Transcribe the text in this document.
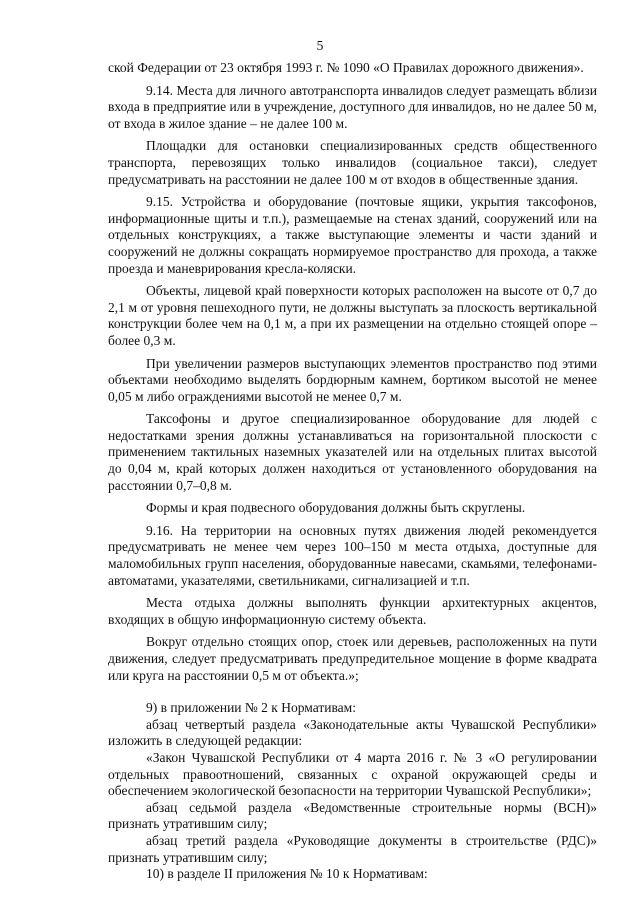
5

ской Федерации от 23 октября 1993 г. № 1090 «О Правилах дорожного движения».

9.14. Места для личного автотранспорта инвалидов следует размещать вблизи входа в предприятие или в учреждение, доступного для инвалидов, но не далее 50 м, от входа в жилое здание – не далее 100 м.

Площадки для остановки специализированных средств общественного транспорта, перевозящих только инвалидов (социальное такси), следует предусматривать на расстоянии не далее 100 м от входов в общественные здания.

9.15. Устройства и оборудование (почтовые ящики, укрытия таксофонов, информационные щиты и т.п.), размещаемые на стенах зданий, сооружений или на отдельных конструкциях, а также выступающие элементы и части зданий и сооружений не должны сокращать нормируемое пространство для прохода, а также проезда и маневрирования кресла-коляски.

Объекты, лицевой край поверхности которых расположен на высоте от 0,7 до 2,1 м от уровня пешеходного пути, не должны выступать за плоскость вертикальной конструкции более чем на 0,1 м, а при их размещении на отдельно стоящей опоре – более 0,3 м.

При увеличении размеров выступающих элементов пространство под этими объектами необходимо выделять бордюрным камнем, бортиком высотой не менее 0,05 м либо ограждениями высотой не менее 0,7 м.

Таксофоны и другое специализированное оборудование для людей с недостатками зрения должны устанавливаться на горизонтальной плоскости с применением тактильных наземных указателей или на отдельных плитах высотой до 0,04 м, край которых должен находиться от установленного оборудования на расстоянии 0,7–0,8 м.

Формы и края подвесного оборудования должны быть скруглены.

9.16. На территории на основных путях движения людей рекомендуется предусматривать не менее чем через 100–150 м места отдыха, доступные для маломобильных групп населения, оборудованные навесами, скамьями, телефонами-автоматами, указателями, светильниками, сигнализацией и т.п.

Места отдыха должны выполнять функции архитектурных акцентов, входящих в общую информационную систему объекта.

Вокруг отдельно стоящих опор, стоек или деревьев, расположенных на пути движения, следует предусматривать предупредительное мощение в форме квадрата или круга на расстоянии 0,5 м от объекта.»;

9) в приложении № 2 к Нормативам:

абзац четвертый раздела «Законодательные акты Чувашской Республики» изложить в следующей редакции:

«Закон Чувашской Республики от 4 марта 2016 г. № 3 «О регулировании отдельных правоотношений, связанных с охраной окружающей среды и обеспечением экологической безопасности на территории Чувашской Республики»;

абзац седьмой раздела «Ведомственные строительные нормы (ВСН)» признать утратившим силу;

абзац третий раздела «Руководящие документы в строительстве (РДС)» признать утратившим силу;

10) в разделе II приложения № 10 к Нормативам:
